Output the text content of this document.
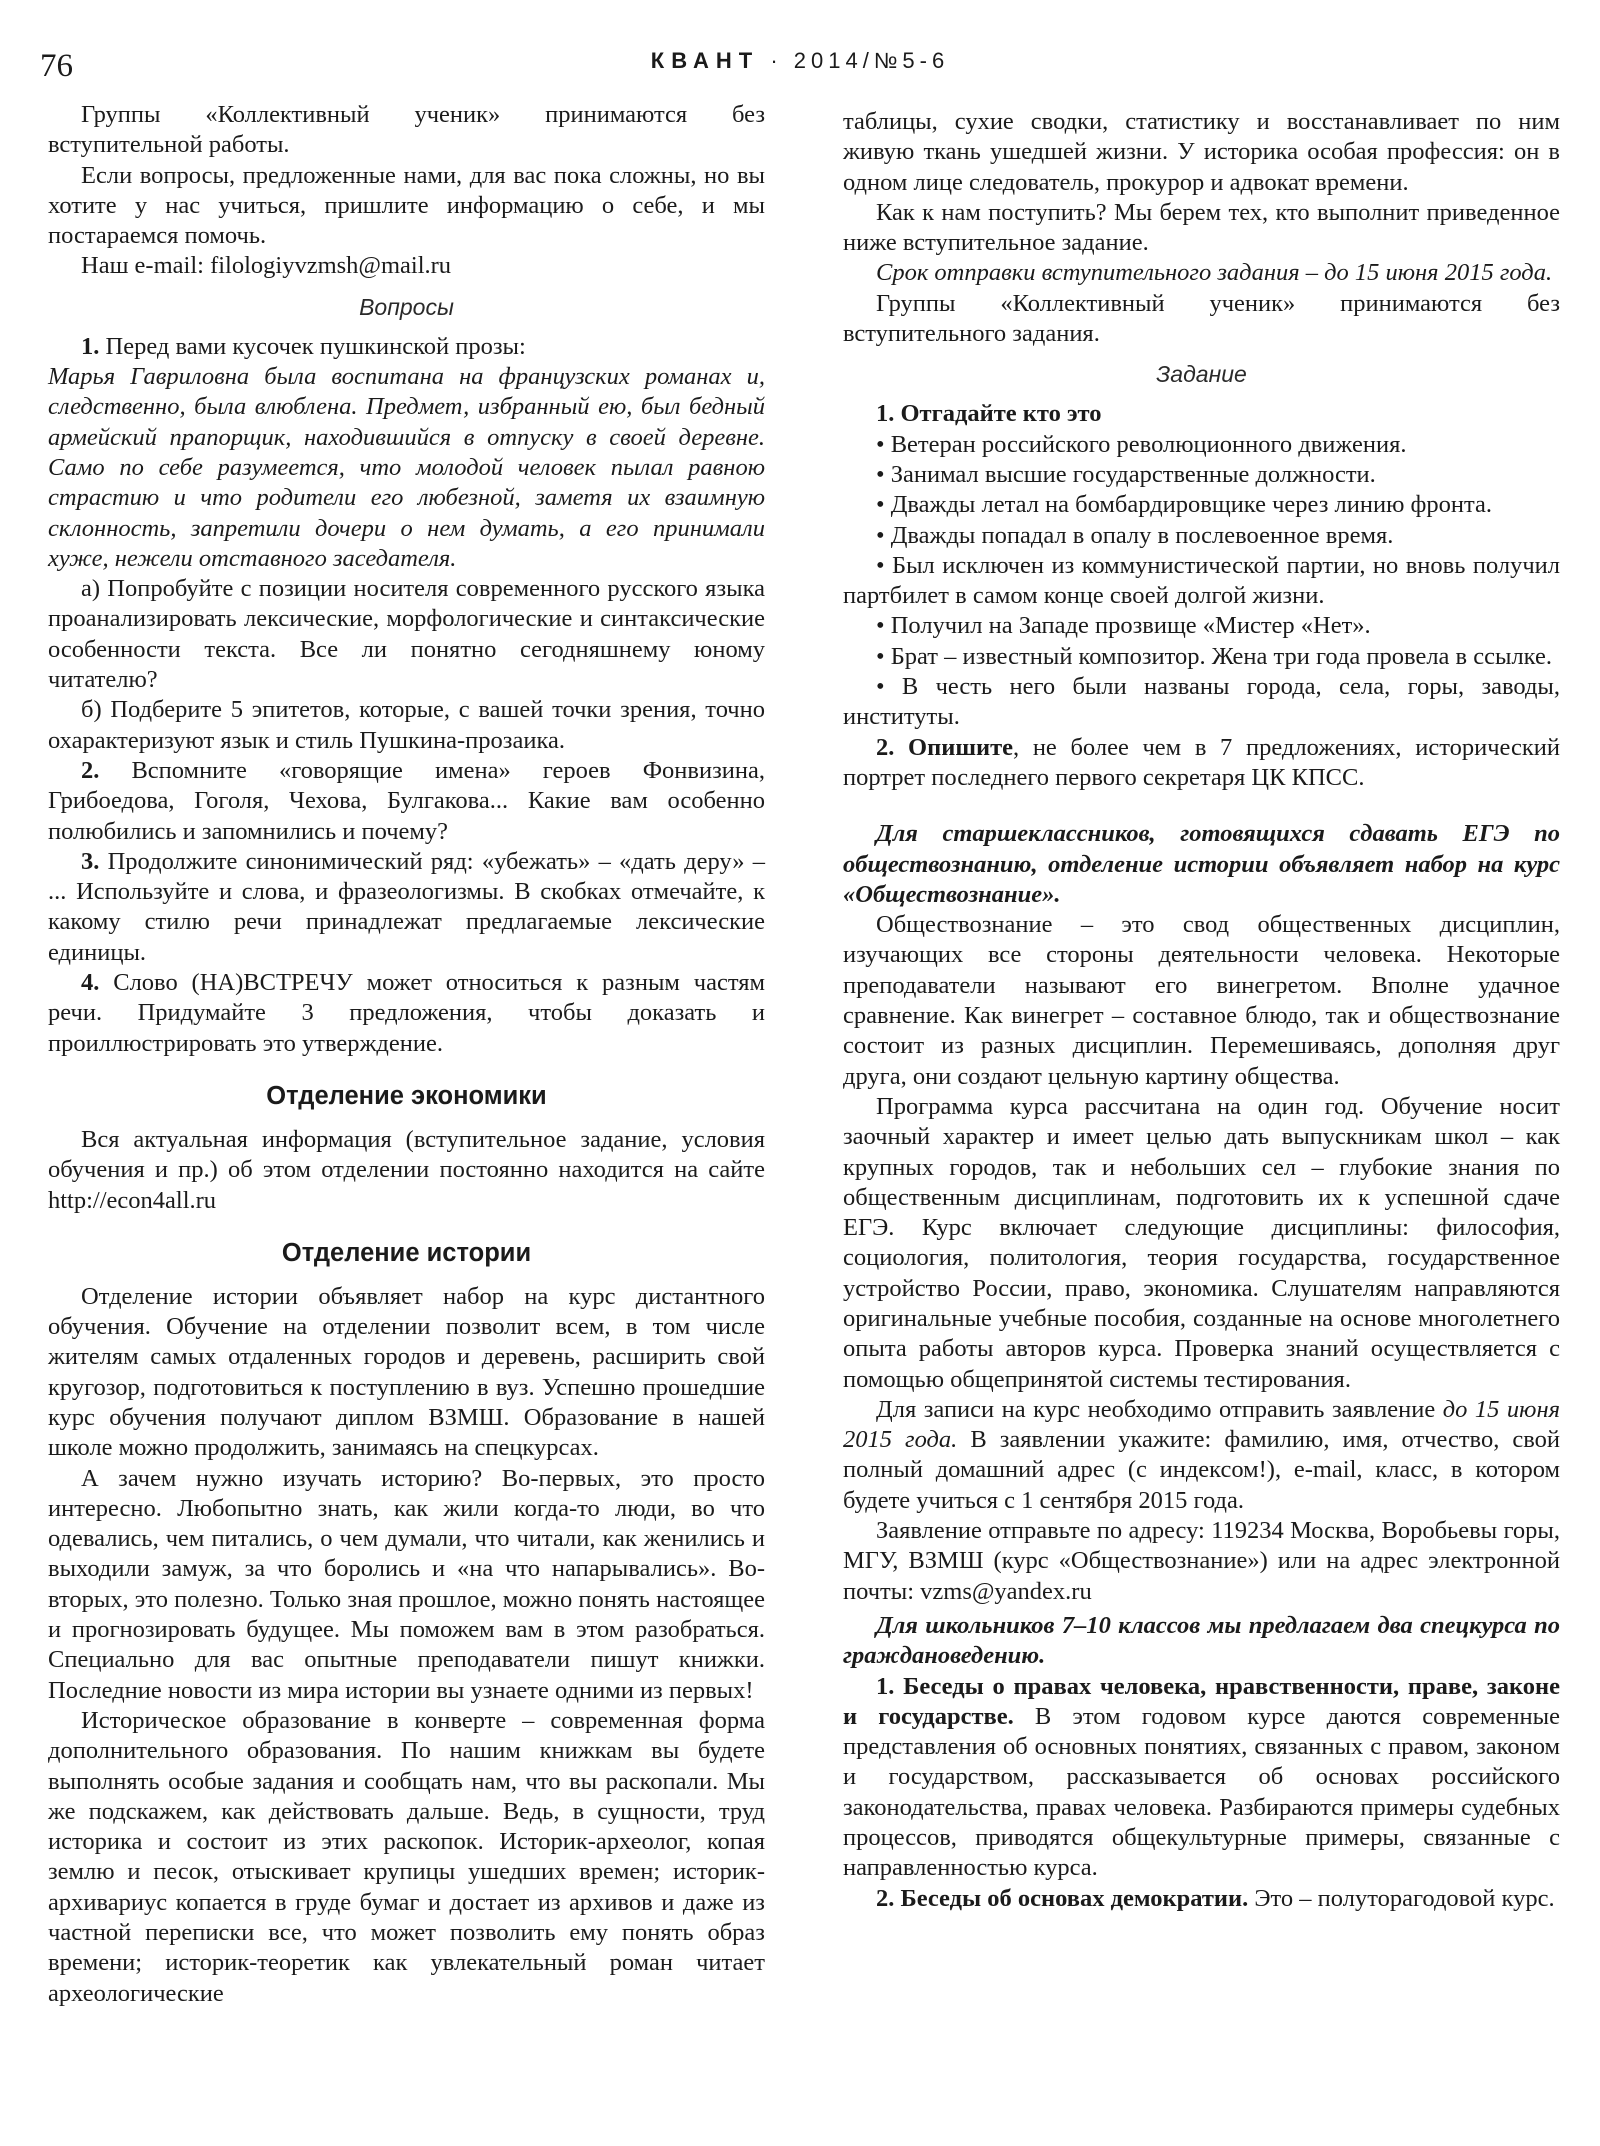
76	КВАНТ · 2014/№5-6

Группы «Коллективный ученик» принимаются без вступительной работы.

Если вопросы, предложенные нами, для вас пока сложны, но вы хотите у нас учиться, пришлите информацию о себе, и мы постараемся помочь.

Наш e-mail: filologiyvzmsh@mail.ru

Вопросы

1. Перед вами кусочек пушкинской прозы:

Марья Гавриловна была воспитана на французских романах и, следственно, была влюблена. Предмет, избранный ею, был бедный армейский прапорщик, находившийся в отпуску в своей деревне. Само по себе разумеется, что молодой человек пылал равною страстию и что родители его любезной, заметя их взаимную склонность, запретили дочери о нем думать, а его принимали хуже, нежели отставного заседателя.

а) Попробуйте с позиции носителя современного русского языка проанализировать лексические, морфологические и синтаксические особенности текста. Все ли понятно сегодняшнему юному читателю?

б) Подберите 5 эпитетов, которые, с вашей точки зрения, точно охарактеризуют язык и стиль Пушкина-прозаика.

2. Вспомните «говорящие имена» героев Фонвизина, Грибоедова, Гоголя, Чехова, Булгакова... Какие вам особенно полюбились и запомнились и почему?

3. Продолжите синонимический ряд: «убежать» – «дать деру» – ... Используйте и слова, и фразеологизмы. В скобках отмечайте, к какому стилю речи принадлежат предлагаемые лексические единицы.

4. Слово (НА)ВСТРЕЧУ может относиться к разным частям речи. Придумайте 3 предложения, чтобы доказать и проиллюстрировать это утверждение.

Отделение экономики

Вся актуальная информация (вступительное задание, условия обучения и пр.) об этом отделении постоянно находится на сайте http://econ4all.ru

Отделение истории

Отделение истории объявляет набор на курс дистантного обучения. Обучение на отделении позволит всем, в том числе жителям самых отдаленных городов и деревень, расширить свой кругозор, подготовиться к поступлению в вуз. Успешно прошедшие курс обучения получают диплом ВЗМШ. Образование в нашей школе можно продолжить, занимаясь на спецкурсах.

А зачем нужно изучать историю? Во-первых, это просто интересно. Любопытно знать, как жили когда-то люди, во что одевались, чем питались, о чем думали, что читали, как женились и выходили замуж, за что боролись и «на что напарывались». Во-вторых, это полезно. Только зная прошлое, можно понять настоящее и прогнозировать будущее. Мы поможем вам в этом разобраться. Специально для вас опытные преподаватели пишут книжки. Последние новости из мира истории вы узнаете одними из первых!

Историческое образование в конверте – современная форма дополнительного образования. По нашим книжкам вы будете выполнять особые задания и сообщать нам, что вы раскопали. Мы же подскажем, как действовать дальше. Ведь, в сущности, труд историка и состоит из этих раскопок. Историк-археолог, копая землю и песок, отыскивает крупицы ушедших времен; историк-архивариус копается в груде бумаг и достает из архивов и даже из частной переписки все, что может позволить ему понять образ времени; историк-теоретик как увлекательный роман читает археологические

таблицы, сухие сводки, статистику и восстанавливает по ним живую ткань ушедшей жизни. У историка особая профессия: он в одном лице следователь, прокурор и адвокат времени.

Как к нам поступить? Мы берем тех, кто выполнит приведенное ниже вступительное задание.

Срок отправки вступительного задания – до 15 июня 2015 года.

Группы «Коллективный ученик» принимаются без вступительного задания.

Задание

1. Отгадайте кто это

• Ветеран российского революционного движения.

• Занимал высшие государственные должности.

• Дважды летал на бомбардировщике через линию фронта.

• Дважды попадал в опалу в послевоенное время.

• Был исключен из коммунистической партии, но вновь получил партбилет в самом конце своей долгой жизни.

• Получил на Западе прозвище «Мистер «Нет».

• Брат – известный композитор. Жена три года провела в ссылке.

• В честь него были названы города, села, горы, заводы, институты.

2. Опишите, не более чем в 7 предложениях, исторический портрет последнего первого секретаря ЦК КПСС.

Для старшеклассников, готовящихся сдавать ЕГЭ по обществознанию, отделение истории объявляет набор на курс «Обществознание».

Обществознание – это свод общественных дисциплин, изучающих все стороны деятельности человека. Некоторые преподаватели называют его винегретом. Вполне удачное сравнение. Как винегрет – составное блюдо, так и обществознание состоит из разных дисциплин. Перемешиваясь, дополняя друг друга, они создают цельную картину общества.

Программа курса рассчитана на один год. Обучение носит заочный характер и имеет целью дать выпускникам школ – как крупных городов, так и небольших сел – глубокие знания по общественным дисциплинам, подготовить их к успешной сдаче ЕГЭ. Курс включает следующие дисциплины: философия, социология, политология, теория государства, государственное устройство России, право, экономика. Слушателям направляются оригинальные учебные пособия, созданные на основе многолетнего опыта работы авторов курса. Проверка знаний осуществляется с помощью общепринятой системы тестирования.

Для записи на курс необходимо отправить заявление до 15 июня 2015 года. В заявлении укажите: фамилию, имя, отчество, свой полный домашний адрес (с индексом!), e-mail, класс, в котором будете учиться с 1 сентября 2015 года.

Заявление отправьте по адресу: 119234 Москва, Воробьевы горы, МГУ, ВЗМШ (курс «Обществознание») или на адрес электронной почты: vzms@yandex.ru

Для школьников 7–10 классов мы предлагаем два спецкурса по граждановедению.

1. Беседы о правах человека, нравственности, праве, законе и государстве. В этом годовом курсе даются современные представления об основных понятиях, связанных с правом, законом и государством, рассказывается об основах российского законодательства, правах человека. Разбираются примеры судебных процессов, приводятся общекультурные примеры, связанные с направленностью курса.

2. Беседы об основах демократии. Это – полуторагодовой курс.
